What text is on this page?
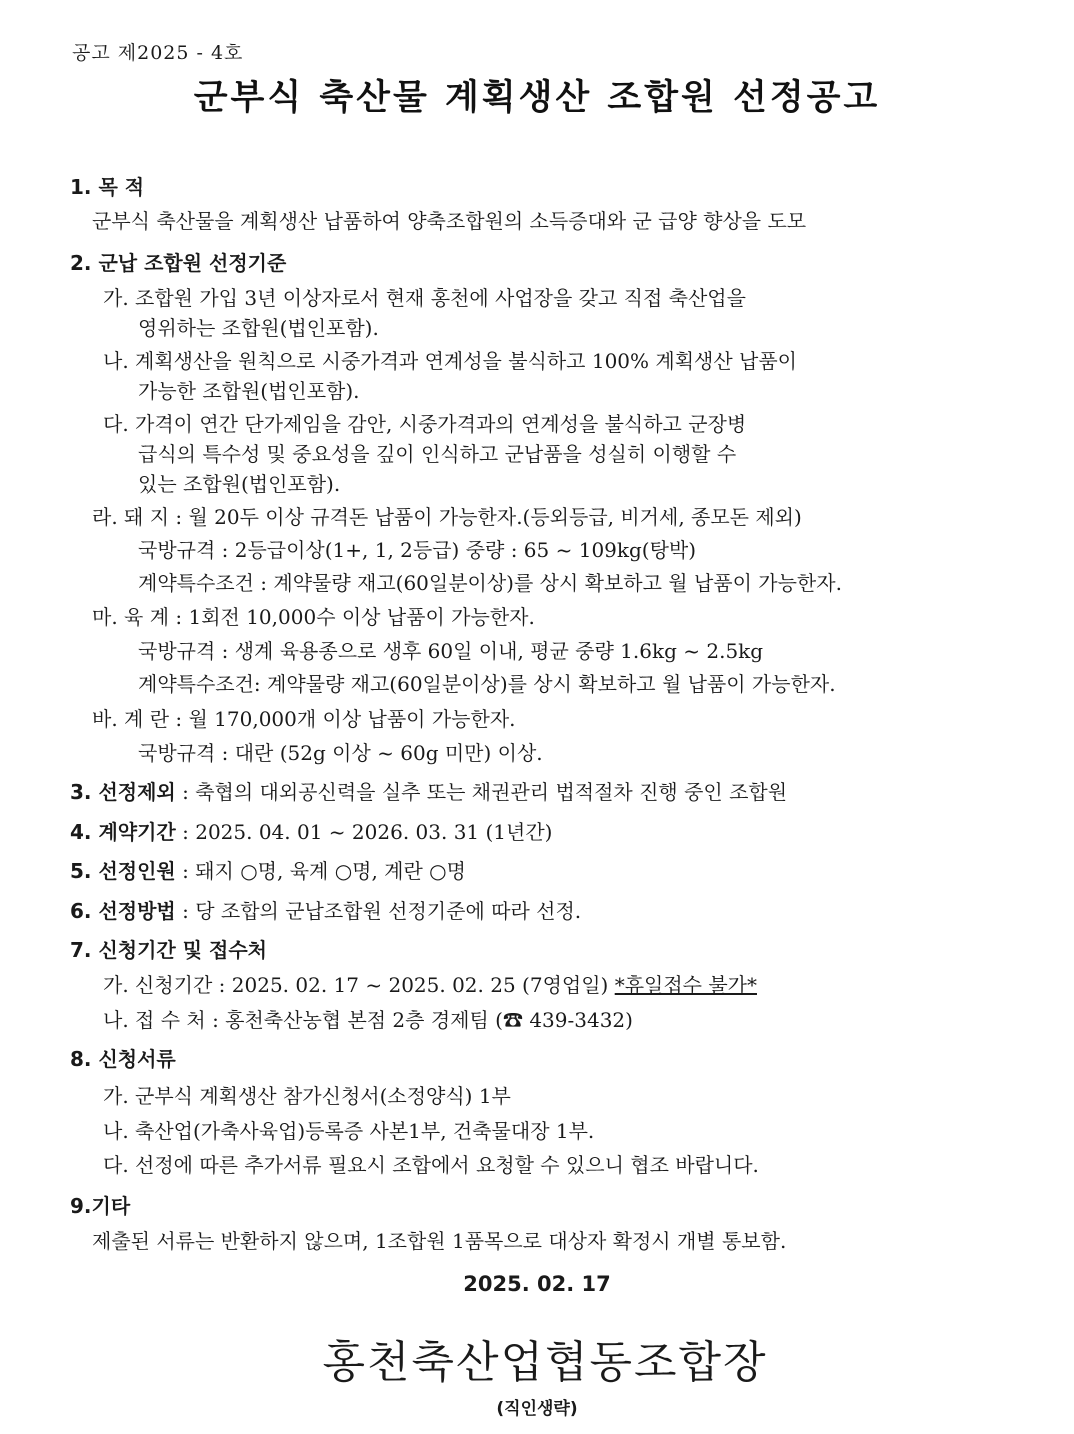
공고 제2025 - 4호
군부식 축산물 계획생산 조합원 선정공고
1. 목 적
군부식 축산물을 계획생산 납품하여 양축조합원의 소득증대와 군 급양 향상을 도모
2. 군납 조합원 선정기준
가. 조합원 가입 3년 이상자로서 현재 홍천에 사업장을 갖고 직접 축산업을
영위하는 조합원(법인포함).
나. 계획생산을 원칙으로 시중가격과 연계성을 불식하고 100% 계획생산 납품이
가능한 조합원(법인포함).
다. 가격이 연간 단가제임을 감안, 시중가격과의 연계성을 불식하고 군장병
급식의 특수성 및 중요성을 깊이 인식하고 군납품을 성실히 이행할 수
있는 조합원(법인포함).
라. 돼 지 : 월 20두 이상 규격돈 납품이 가능한자.(등외등급, 비거세, 종모돈 제외)
국방규격 : 2등급이상(1+, 1, 2등급) 중량 : 65 ~ 109kg(탕박)
계약특수조건 : 계약물량 재고(60일분이상)를 상시 확보하고 월 납품이 가능한자.
마. 육 계 : 1회전 10,000수 이상 납품이 가능한자.
국방규격 : 생계 육용종으로 생후 60일 이내, 평균 중량 1.6kg ~ 2.5kg
계약특수조건: 계약물량 재고(60일분이상)를 상시 확보하고 월 납품이 가능한자.
바. 계 란 : 월 170,000개 이상 납품이 가능한자.
국방규격 : 대란 (52g 이상 ~ 60g 미만) 이상.
3. 선정제외 : 축협의 대외공신력을 실추 또는 채권관리 법적절차 진행 중인 조합원
4. 계약기간 : 2025. 04. 01 ~ 2026. 03. 31 (1년간)
5. 선정인원 : 돼지 ○명, 육계 ○명, 계란 ○명
6. 선정방법 : 당 조합의 군납조합원 선정기준에 따라 선정.
7. 신청기간 및 접수처
가. 신청기간 : 2025. 02. 17 ~ 2025. 02. 25 (7영업일) *휴일접수 불가*
나. 접 수 처 : 홍천축산농협 본점 2층 경제팀 (☎ 439-3432)
8. 신청서류
가. 군부식 계획생산 참가신청서(소정양식) 1부
나. 축산업(가축사육업)등록증 사본1부, 건축물대장 1부.
다. 선정에 따른 추가서류 필요시 조합에서 요청할 수 있으니 협조 바랍니다.
9.기타
제출된 서류는 반환하지 않으며, 1조합원 1품목으로 대상자 확정시 개별 통보함.
2025. 02. 17
홍천축산업협동조합장
(직인생략)
